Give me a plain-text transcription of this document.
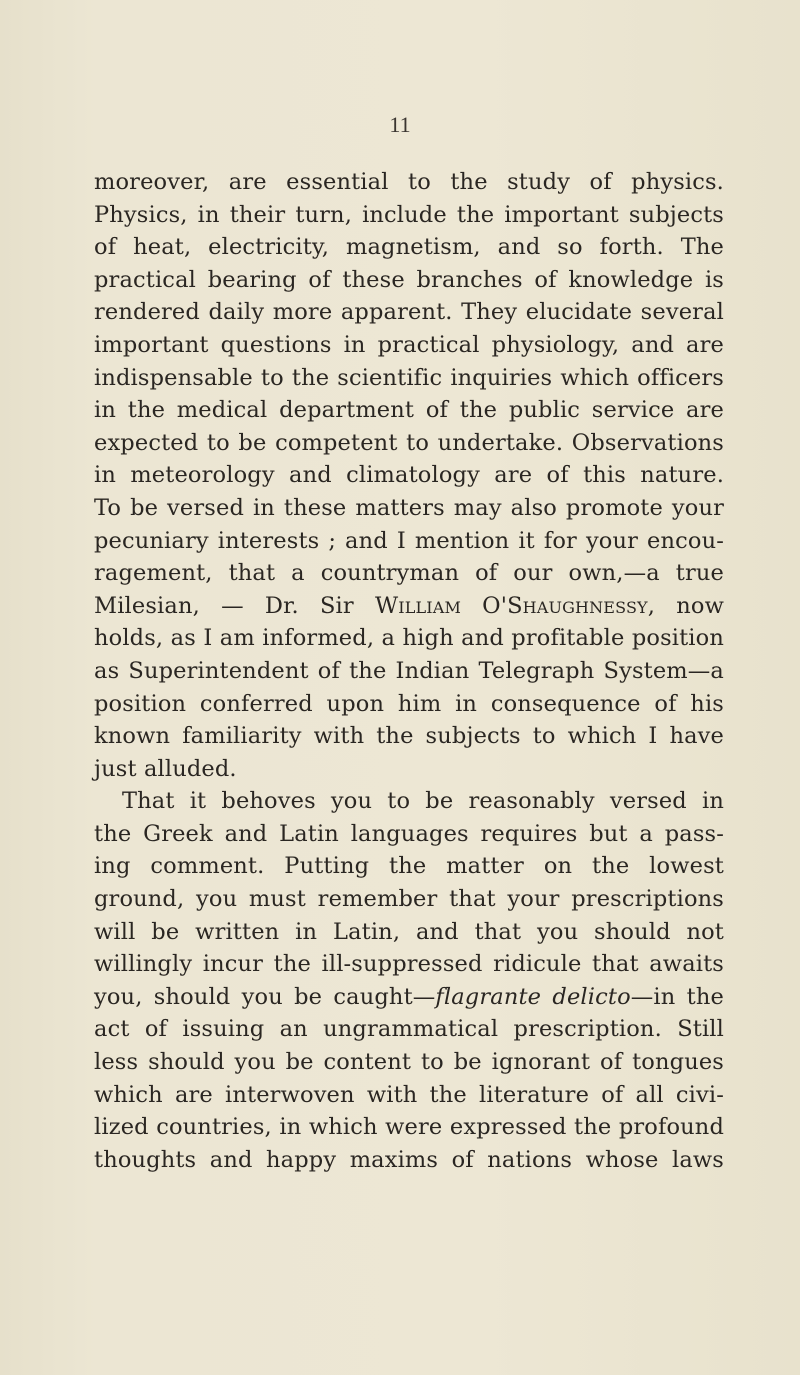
11
moreover, are essential to the study of physics.
Physics, in their turn, include the important subjects
of heat, electricity, magnetism, and so forth. The
practical bearing of these branches of knowledge is
rendered daily more apparent. They elucidate several
important questions in practical physiology, and are
indispensable to the scientific inquiries which officers
in the medical department of the public service are
expected to be competent to undertake. Observations
in meteorology and climatology are of this nature.
To be versed in these matters may also promote your
pecuniary interests ; and I mention it for your encou-
ragement, that a countryman of our own,—a true
Milesian, — Dr. Sir William O'Shaughnessy, now
holds, as I am informed, a high and profitable position
as Superintendent of the Indian Telegraph System—a
position conferred upon him in consequence of his
known familiarity with the subjects to which I have
just alluded.
That it behoves you to be reasonably versed in
the Greek and Latin languages requires but a pass-
ing comment. Putting the matter on the lowest
ground, you must remember that your prescriptions
will be written in Latin, and that you should not
willingly incur the ill-suppressed ridicule that awaits
you, should you be caught—flagrante delicto—in the
act of issuing an ungrammatical prescription. Still
less should you be content to be ignorant of tongues
which are interwoven with the literature of all civi-
lized countries, in which were expressed the profound
thoughts and happy maxims of nations whose laws
